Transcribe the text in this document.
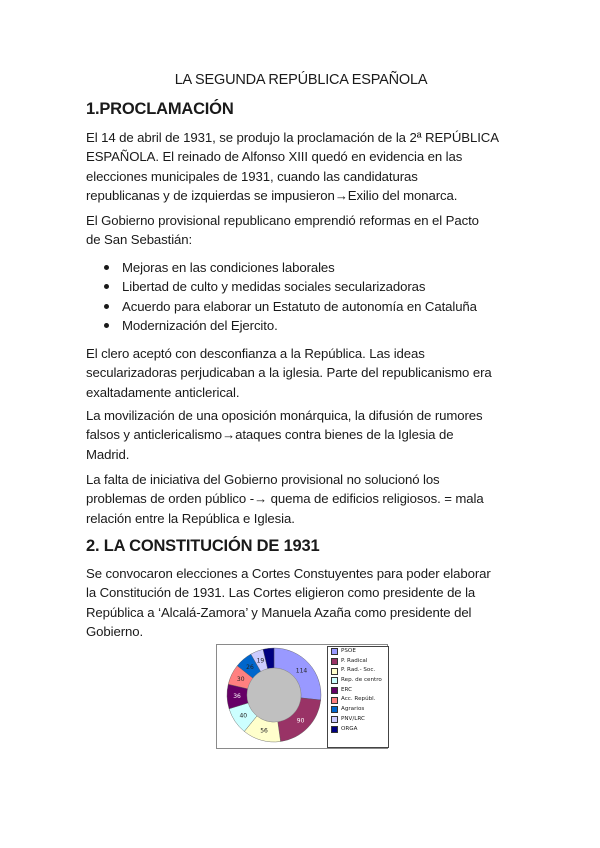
LA SEGUNDA REPÚBLICA ESPAÑOLA
1.PROCLAMACIÓN

El 14 de abril de 1931, se produjo la proclamación de la 2ª REPÚBLICA
ESPAÑOLA. El reinado de Alfonso XIII quedó en evidencia en las
elecciones municipales de 1931, cuando las candidaturas
republicanas y de izquierdas se impusieron→Exilio del monarca.

El Gobierno provisional republicano emprendió reformas en el Pacto
de San Sebastián:

Mejoras en las condiciones laborales
Libertad de culto y medidas sociales secularizadoras
Acuerdo para elaborar un Estatuto de autonomía en Cataluña
Modernización del Ejercito.

El clero aceptó con desconfianza a la República. Las ideas
secularizadoras perjudicaban a la iglesia. Parte del republicanismo era
exaltadamente anticlerical.

La movilización de una oposición monárquica, la difusión de rumores
falsos y anticlericalismo→ataques contra bienes de la Iglesia de
Madrid.

La falta de iniciativa del Gobierno provisional no solucionó los
problemas de orden público -→ quema de edificios religiosos. = mala
relación entre la República e Iglesia.

2. LA CONSTITUCIÓN DE 1931

Se convocaron elecciones a Cortes Constuyentes para poder elaborar
la Constitución de 1931. Las Cortes eligieron como presidente de la
República a ‘Alcalá-Zamora’ y Manuela Azaña como presidente del
Gobierno.

114
90
56
40
36
30
26
19
PSOE
P. Radical
P. Rad.- Soc.
Rep. de centro
ERC
Acc. Repúbl.
Agrarios
PNV/LRC
ORGA
